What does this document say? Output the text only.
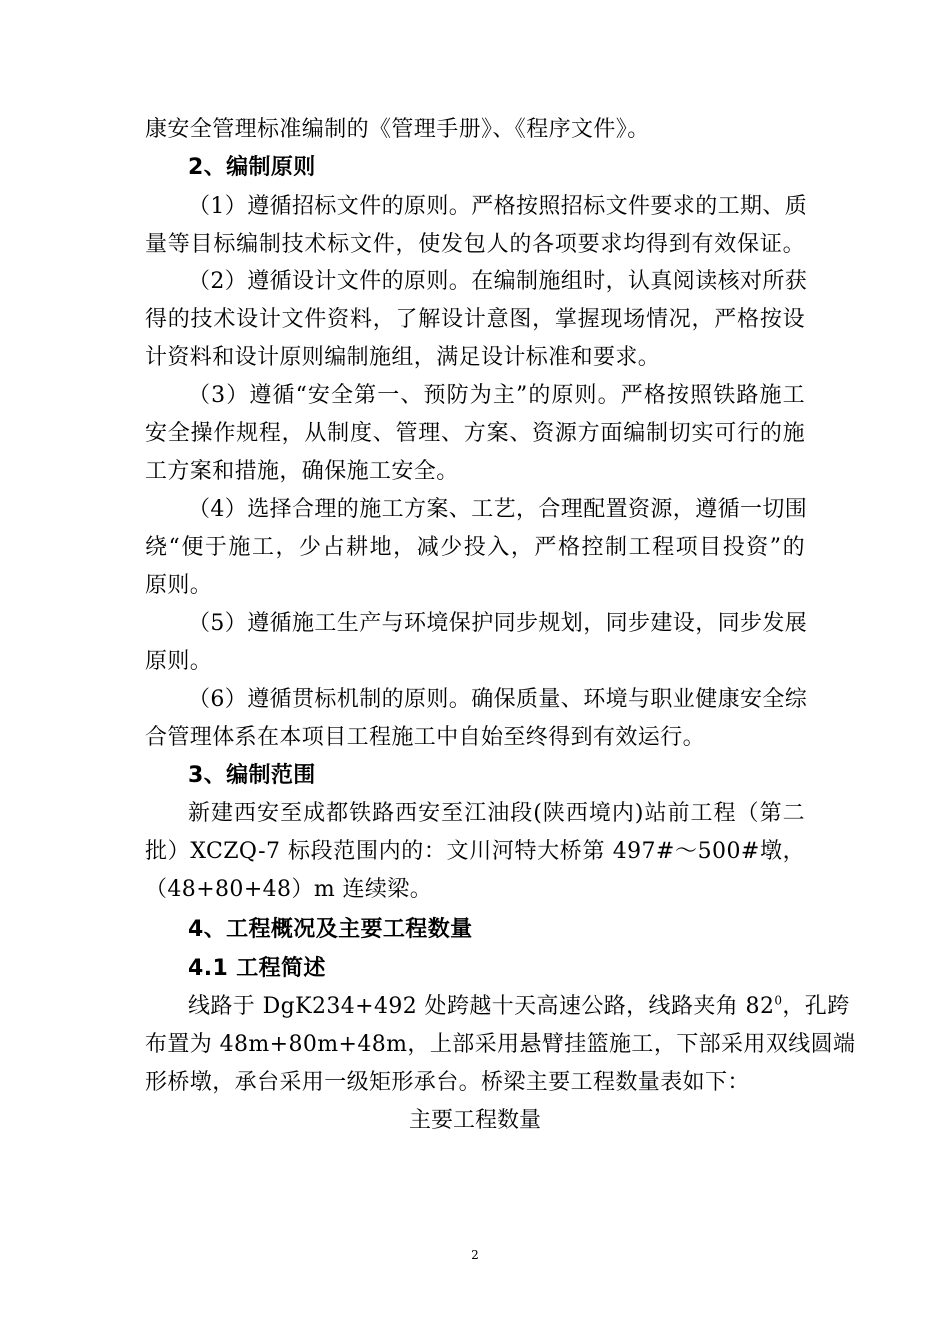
康安全管理标准编制的《管理手册》、《程序文件》。
2、编制原则
（1）遵循招标文件的原则。严格按照招标文件要求的工期、质
量等目标编制技术标文件，使发包人的各项要求均得到有效保证。
（2）遵循设计文件的原则。在编制施组时，认真阅读核对所获
得的技术设计文件资料，了解设计意图，掌握现场情况，严格按设
计资料和设计原则编制施组，满足设计标准和要求。
（3）遵循“安全第一、预防为主”的原则。严格按照铁路施工
安全操作规程，从制度、管理、方案、资源方面编制切实可行的施
工方案和措施，确保施工安全。
（4）选择合理的施工方案、工艺，合理配置资源，遵循一切围
绕“便于施工，少占耕地，减少投入，严格控制工程项目投资”的
原则。
（5）遵循施工生产与环境保护同步规划，同步建设，同步发展
原则。
（6）遵循贯标机制的原则。确保质量、环境与职业健康安全综
合管理体系在本项目工程施工中自始至终得到有效运行。
3、编制范围
新建西安至成都铁路西安至江油段(陕西境内)站前工程（第二
批）XCZQ-7 标段范围内的：文川河特大桥第 497#～500#墩，
（48+80+48）m 连续梁。
4、工程概况及主要工程数量
4.1 工程简述
线路于 DgK234+492 处跨越十天高速公路，线路夹角 $82^0$，孔跨
布置为 48m+80m+48m，上部采用悬臂挂篮施工，下部采用双线圆端
形桥墩，承台采用一级矩形承台。桥梁主要工程数量表如下：
主要工程数量
2
